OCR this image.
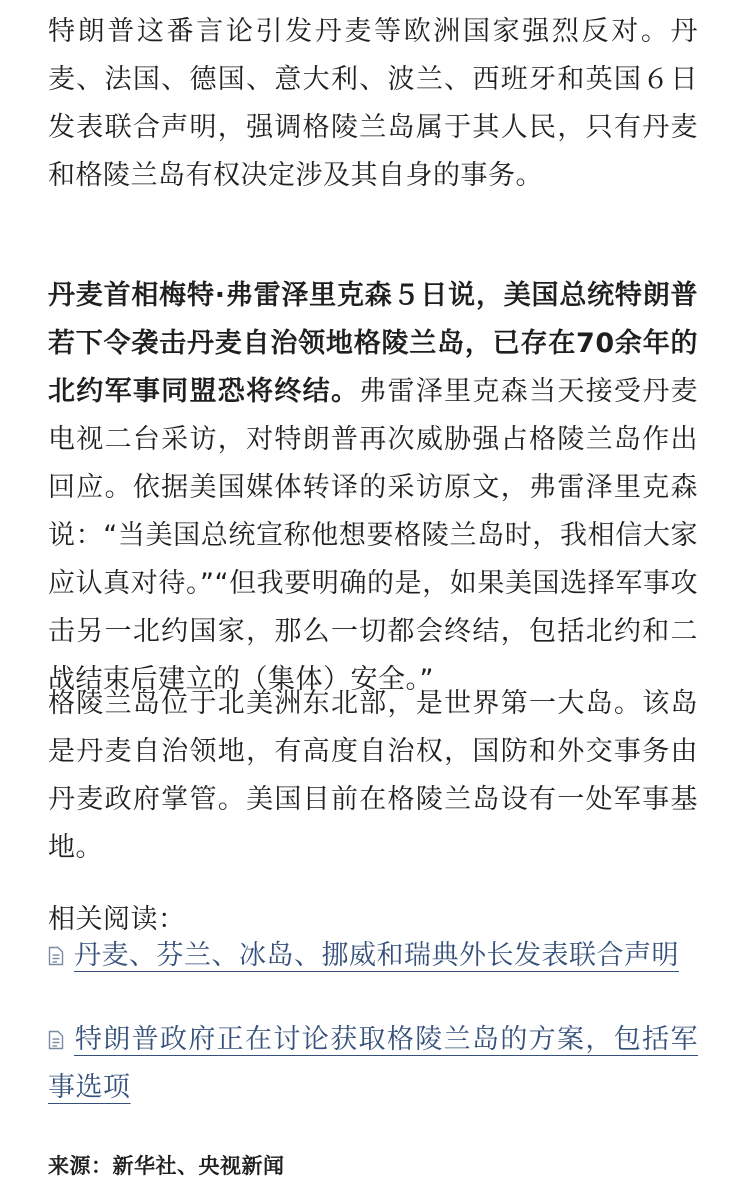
特朗普这番言论引发丹麦等欧洲国家强烈反对。丹麦、法国、德国、意大利、波兰、西班牙和英国６日发表联合声明，强调格陵兰岛属于其人民，只有丹麦和格陵兰岛有权决定涉及其自身的事务。

丹麦首相梅特·弗雷泽里克森５日说，美国总统特朗普若下令袭击丹麦自治领地格陵兰岛，已存在70余年的北约军事同盟恐将终结。弗雷泽里克森当天接受丹麦电视二台采访，对特朗普再次威胁强占格陵兰岛作出回应。依据美国媒体转译的采访原文，弗雷泽里克森说：“当美国总统宣称他想要格陵兰岛时，我相信大家应认真对待。”“但我要明确的是，如果美国选择军事攻击另一北约国家，那么一切都会终结，包括北约和二战结束后建立的（集体）安全。”

格陵兰岛位于北美洲东北部，是世界第一大岛。该岛是丹麦自治领地，有高度自治权，国防和外交事务由丹麦政府掌管。美国目前在格陵兰岛设有一处军事基地。

相关阅读：

丹麦、芬兰、冰岛、挪威和瑞典外长发表联合声明
特朗普政府正在讨论获取格陵兰岛的方案，包括军事选项
来源：新华社、央视新闻
